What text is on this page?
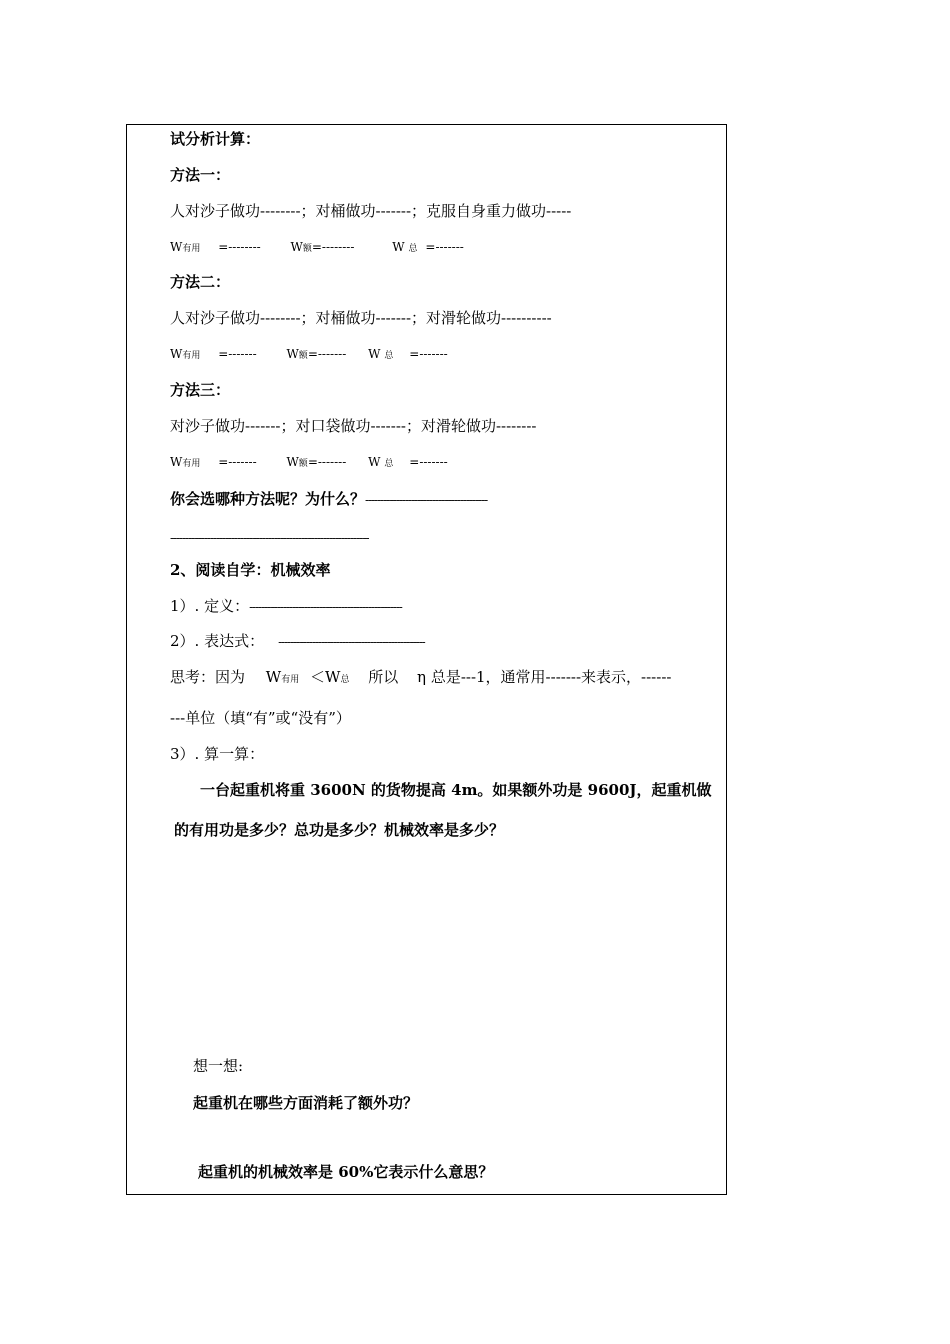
试分析计算：
方法一：
人对沙子做功--------；对桶做功-------；克服自身重力做功-----
W有用 =-------- W额=--------	W 总 =-------
方法二：
人对沙子做功--------；对桶做功-------；对滑轮做功----------
W有用 =------- W额=------- W 总 =-------
方法三：
对沙子做功-------；对口袋做功-------；对滑轮做功--------
W有用 =------- W额=------- W 总 =-------
你会选哪种方法呢？为什么？----------------------------------------
-----------------------------------------------------------------
2、阅读自学：机械效率
1）. 定义：--------------------------------------------------
2）. 表达式： ------------------------------------------------
思考：因为 W有用 ＜W总 所以 η 总是---1，通常用-------来表示，------
---单位（填“有”或“没有”）
3）. 算一算：
一台起重机将重 3600N 的货物提高 4m。如果额外功是 9600J，起重机做
的有用功是多少？总功是多少？机械效率是多少？
想一想:
起重机在哪些方面消耗了额外功？
起重机的机械效率是 60%它表示什么意思？
